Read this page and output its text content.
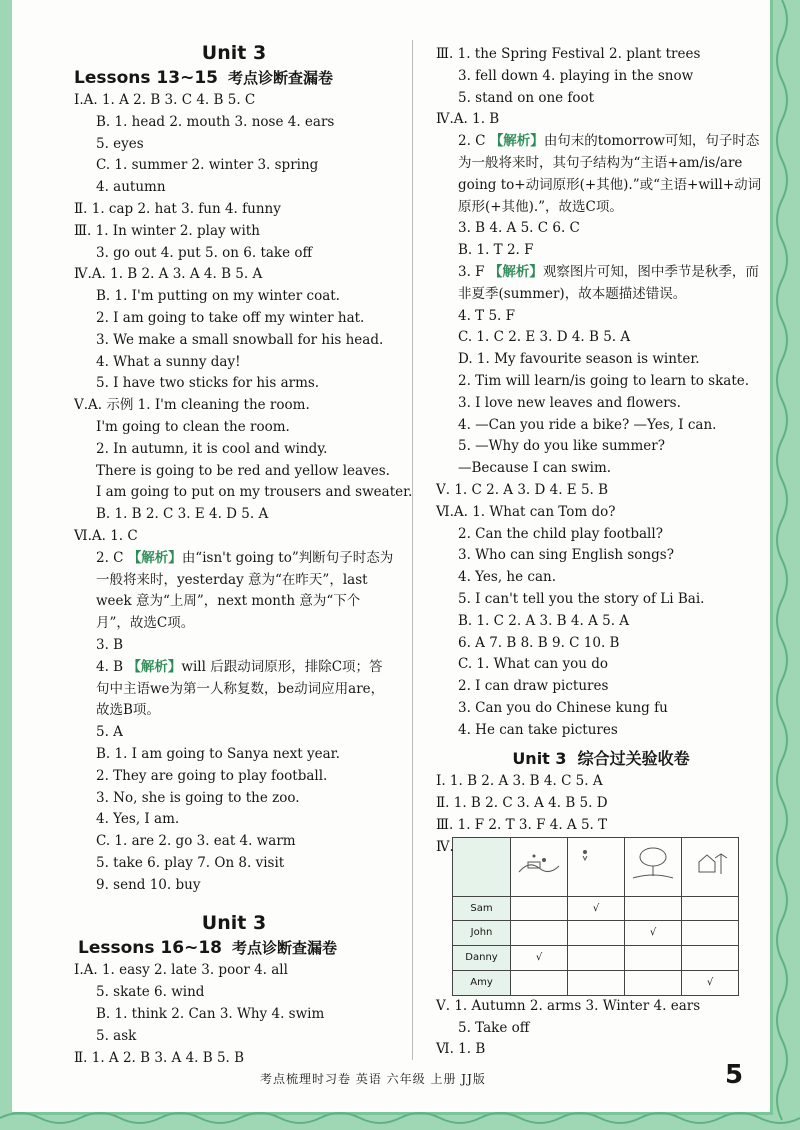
Unit 3
Lessons 13~15 考点诊断查漏卷
Ⅰ.A. 1. A 2. B 3. C 4. B 5. C
B. 1. head 2. mouth 3. nose 4. ears
5. eyes
C. 1. summer 2. winter 3. spring
4. autumn
Ⅱ. 1. cap 2. hat 3. fun 4. funny
Ⅲ. 1. In winter 2. play with
3. go out 4. put 5. on 6. take off
Ⅳ.A. 1. B 2. A 3. A 4. B 5. A
B. 1. I'm putting on my winter coat.
2. I am going to take off my winter hat.
3. We make a small snowball for his head.
4. What a sunny day!
5. I have two sticks for his arms.
Ⅴ.A. 示例 1. I'm cleaning the room.
I'm going to clean the room.
2. In autumn, it is cool and windy.
There is going to be red and yellow leaves.
I am going to put on my trousers and sweater.
B. 1. B 2. C 3. E 4. D 5. A
Ⅵ.A. 1. C
2. C 【解析】由“isn't going to”判断句子时态为一般将来时，yesterday 意为“在昨天”，last week 意为“上周”，next month 意为“下个月”，故选C项。
3. B
4. B 【解析】will 后跟动词原形，排除C项；答句中主语we为第一人称复数，be动词应用are，故选B项。
5. A
B. 1. I am going to Sanya next year.
2. They are going to play football.
3. No, she is going to the zoo.
4. Yes, I am.
C. 1. are 2. go 3. eat 4. warm
5. take 6. play 7. On 8. visit
9. send 10. buy
Unit 3
Lessons 16~18 考点诊断查漏卷
Ⅰ.A. 1. easy 2. late 3. poor 4. all
5. skate 6. wind
B. 1. think 2. Can 3. Why 4. swim
5. ask
Ⅱ. 1. A 2. B 3. A 4. B 5. B
Ⅲ. 1. the Spring Festival 2. plant trees
3. fell down 4. playing in the snow
5. stand on one foot
Ⅳ.A. 1. B
2. C 【解析】由句末的tomorrow可知，句子时态为一般将来时，其句子结构为“主语+am/is/are going to+动词原形(+其他).”或“主语+will+动词原形(+其他).”，故选C项。
3. B 4. A 5. C 6. C
B. 1. T 2. F
3. F 【解析】观察图片可知，图中季节是秋季，而非夏季(summer)，故本题描述错误。
4. T 5. F
C. 1. C 2. E 3. D 4. B 5. A
D. 1. My favourite season is winter.
2. Tim will learn/is going to learn to skate.
3. I love new leaves and flowers.
4. —Can you ride a bike? —Yes, I can.
5. —Why do you like summer?
—Because I can swim.
Ⅴ. 1. C 2. A 3. D 4. E 5. B
Ⅵ.A. 1. What can Tom do?
2. Can the child play football?
3. Who can sing English songs?
4. Yes, he can.
5. I can't tell you the story of Li Bai.
B. 1. C 2. A 3. B 4. A 5. A
6. A 7. B 8. B 9. C 10. B
C. 1. What can you do
2. I can draw pictures
3. Can you do Chinese kung fu
4. He can take pictures
Unit 3 综合过关验收卷
Ⅰ. 1. B 2. A 3. B 4. C 5. A
Ⅱ. 1. B 2. C 3. A 4. B 5. D
Ⅲ. 1. F 2. T 3. F 4. A 5. T
Ⅳ.

Sam		√		
John			√	
Danny	√			
Amy				√
Ⅴ. 1. Autumn 2. arms 3. Winter 4. ears
5. Take off
Ⅵ. 1. B
考点梳理时习卷 英语 六年级 上册 JJ版	5
